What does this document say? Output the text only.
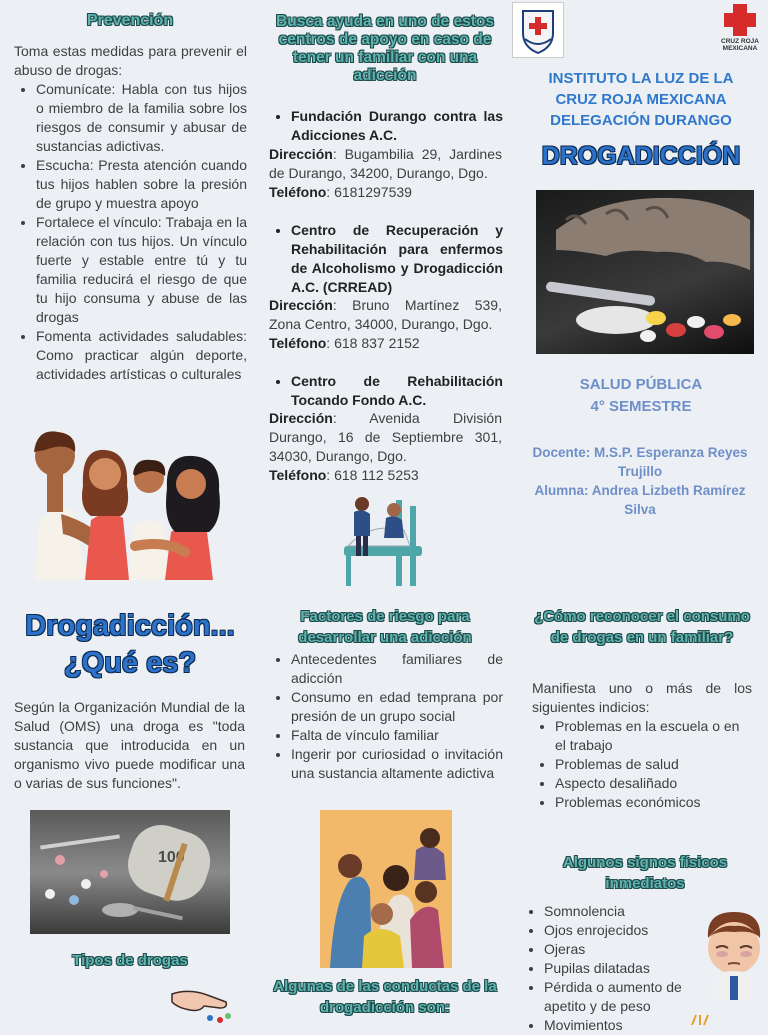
Prevención
Toma estas medidas para prevenir el abuso de drogas:
• Comunícate: Habla con tus hijos o miembro de la familia sobre los riesgos de consumir y abusar de sustancias adictivas.
• Escucha: Presta atención cuando tus hijos hablen sobre la presión de grupo y muestra apoyo
• Fortalece el vínculo: Trabaja en la relación con tus hijos. Un vínculo fuerte y estable entre tú y tu familia reducirá el riesgo de que tu hijo consuma y abuse de las drogas
• Fomenta actividades saludables: Como practicar algún deporte, actividades artísticas o culturales
Busca ayuda en uno de estos centros de apoyo en caso de tener un familiar con una adicción
• Fundación Durango contra las Adicciones A.C.
Dirección: Bugambilia 29, Jardines de Durango, 34200, Durango, Dgo.
Teléfono: 6181297539
• Centro de Recuperación y Rehabilitación para enfermos de Alcoholismo y Drogadicción A.C. (CRREAD)
Dirección: Bruno Martínez 539, Zona Centro, 34000, Durango, Dgo.
Teléfono: 618 837 2152
• Centro de Rehabilitación Tocando Fondo A.C.
Dirección: Avenida División Durango, 16 de Septiembre 301, 34030, Durango, Dgo.
Teléfono: 618 112 5253
CRUZ ROJA MEXICANA
INSTITUTO LA LUZ DE LA CRUZ ROJA MEXICANA DELEGACIÓN DURANGO
DROGADICCIÓN
SALUD PÚBLICA
4° SEMESTRE
Docente: M.S.P. Esperanza Reyes Trujillo
Alumna: Andrea Lizbeth Ramírez Silva
Drogadicción...
¿Qué es?
Según la Organización Mundial de la Salud (OMS) una droga es "toda sustancia que introducida en un organismo vivo puede modificar una o varias de sus funciones".
100
Tipos de drogas
Factores de riesgo para desarrollar una adicción
• Antecedentes familiares de adicción
• Consumo en edad temprana por presión de un grupo social
• Falta de vínculo familiar
• Ingerir por curiosidad o invitación una sustancia altamente adictiva
Algunas de las conductas de la drogadicción son:
¿Cómo reconocer el consumo de drogas en un familiar?
Manifiesta uno o más de los siguientes indicios:
• Problemas en la escuela o en el trabajo
• Problemas de salud
• Aspecto desaliñado
• Problemas económicos
Algunos signos físicos inmediatos
• Somnolencia
• Ojos enrojecidos
• Ojeras
• Pupilas dilatadas
• Pérdida o aumento de apetito y de peso
• Movimientos
